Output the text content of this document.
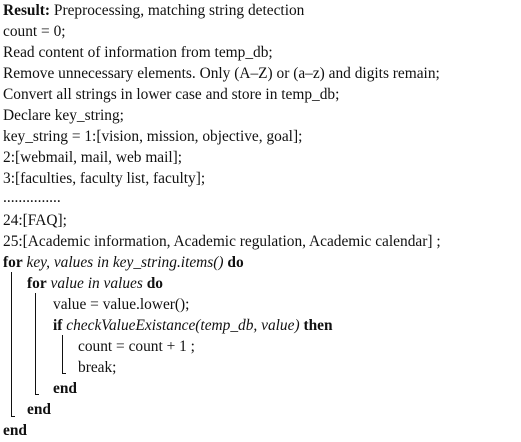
Result: Preprocessing, matching string detection
count = 0;
Read content of information from temp_db;
Remove unnecessary elements. Only (A–Z) or (a–z) and digits remain;
Convert all strings in lower case and store in temp_db;
Declare key_string;
key_string = 1:[vision, mission, objective, goal];
2:[webmail, mail, web mail];
3:[faculties, faculty list, faculty];
...............
24:[FAQ];
25:[Academic information, Academic regulation, Academic calendar] ;
for key, values in key_string.items() do
for value in values do
value = value.lower();
if checkValueExistance(temp_db, value) then
count = count + 1 ;
break;
end
end
end
